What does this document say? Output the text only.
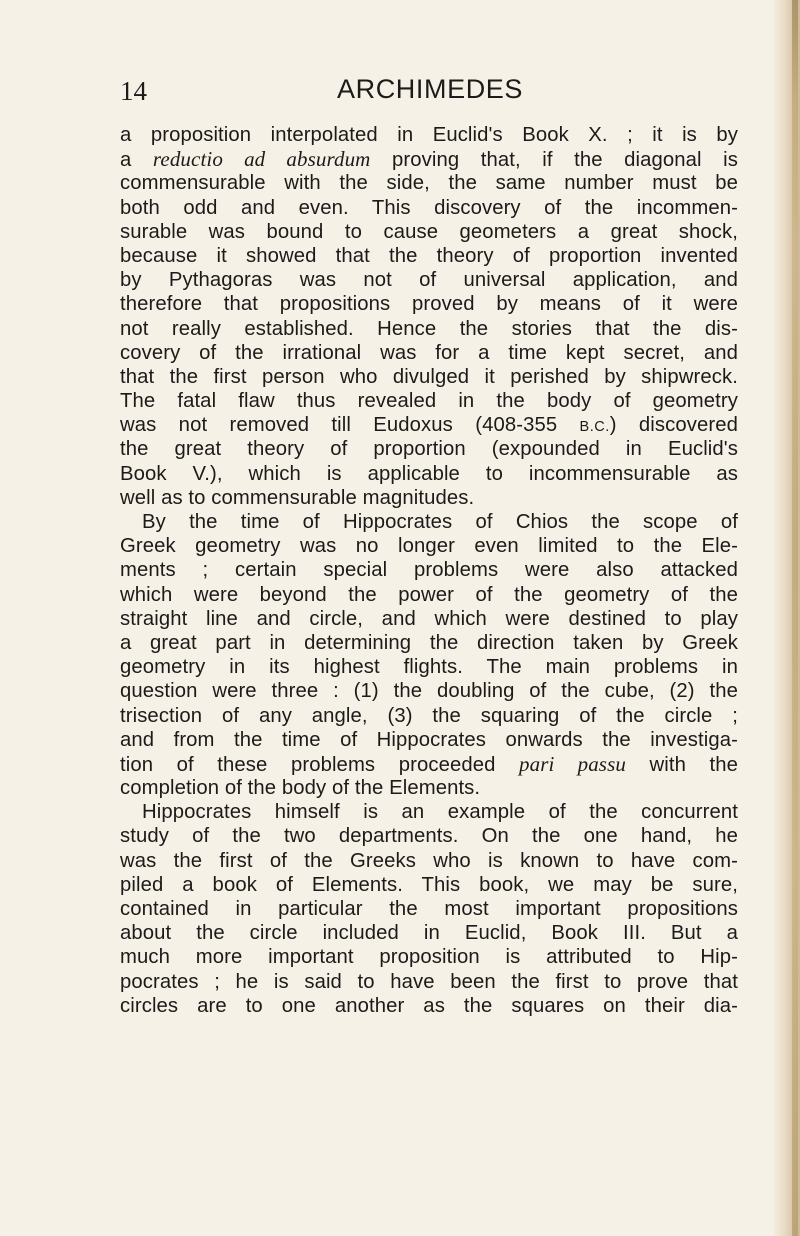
14	ARCHIMEDES
a proposition interpolated in Euclid's Book X. ; it is by
a reductio ad absurdum proving that, if the diagonal is
commensurable with the side, the same number must be
both odd and even. This discovery of the incommen-
surable was bound to cause geometers a great shock,
because it showed that the theory of proportion invented
by Pythagoras was not of universal application, and
therefore that propositions proved by means of it were
not really established. Hence the stories that the dis-
covery of the irrational was for a time kept secret, and
that the first person who divulged it perished by shipwreck.
The fatal flaw thus revealed in the body of geometry
was not removed till Eudoxus (408-355 B.C.) discovered
the great theory of proportion (expounded in Euclid's
Book V.), which is applicable to incommensurable as
well as to commensurable magnitudes.
By the time of Hippocrates of Chios the scope of
Greek geometry was no longer even limited to the Ele-
ments ; certain special problems were also attacked
which were beyond the power of the geometry of the
straight line and circle, and which were destined to play
a great part in determining the direction taken by Greek
geometry in its highest flights. The main problems in
question were three : (1) the doubling of the cube, (2) the
trisection of any angle, (3) the squaring of the circle ;
and from the time of Hippocrates onwards the investiga-
tion of these problems proceeded pari passu with the
completion of the body of the Elements.
Hippocrates himself is an example of the concurrent
study of the two departments. On the one hand, he
was the first of the Greeks who is known to have com-
piled a book of Elements. This book, we may be sure,
contained in particular the most important propositions
about the circle included in Euclid, Book III. But a
much more important proposition is attributed to Hip-
pocrates ; he is said to have been the first to prove that
circles are to one another as the squares on their dia-
